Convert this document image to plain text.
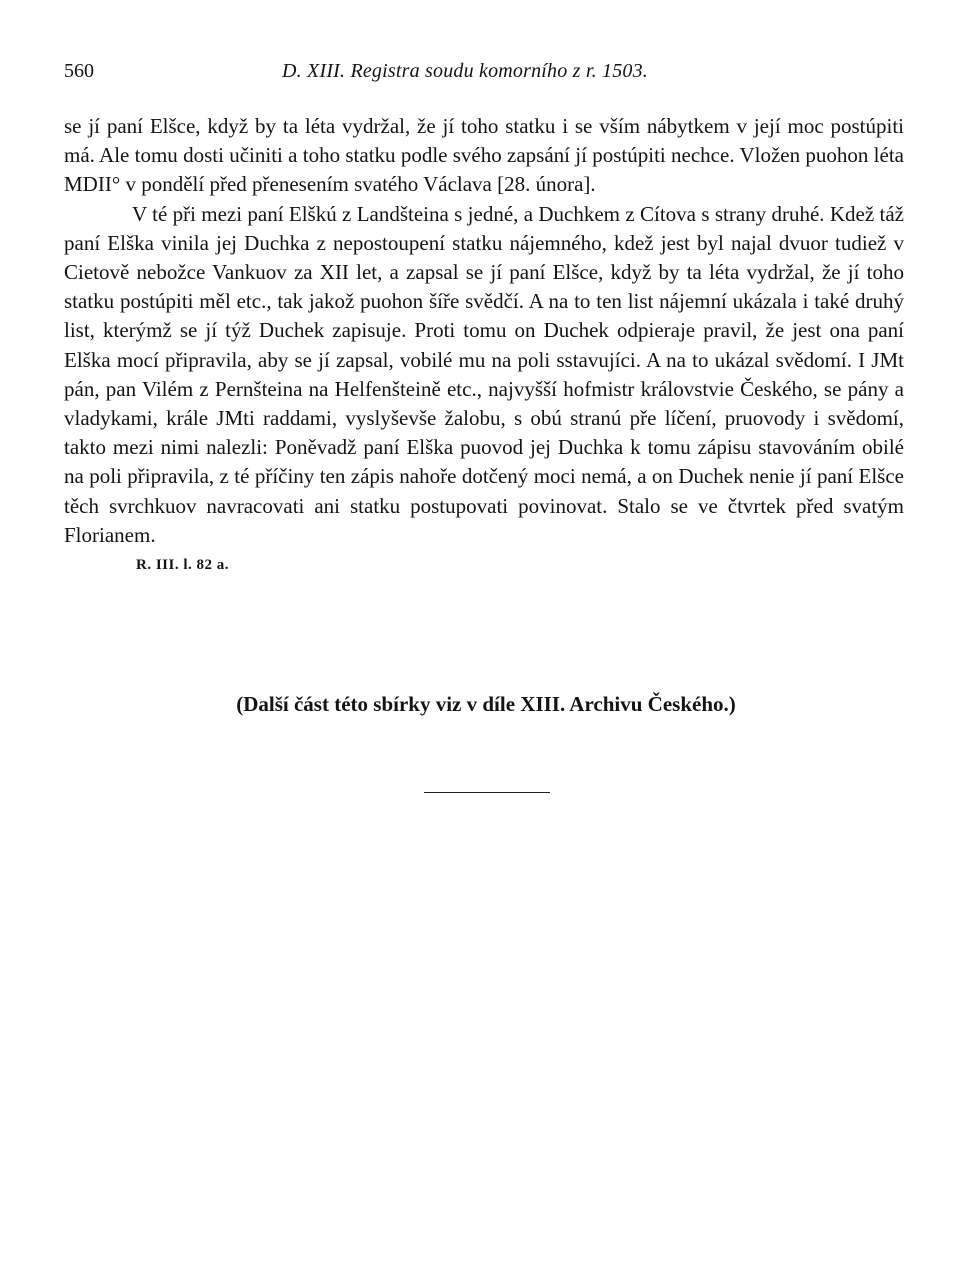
560	D. XIII. Registra soudu komorního z r. 1503.

se jí paní Elšce, když by ta léta vydržal, že jí toho statku i se vším nábytkem v její moc postúpiti má. Ale tomu dosti učiniti a toho statku podle svého zapsání jí postúpiti nechce. Vložen puohon léta MDII° v pondělí před přenesením svatého Václava [28. února].

V té při mezi paní Elškú z Landšteina s jedné, a Duchkem z Cítova s strany druhé. Kdež táž paní Elška vinila jej Duchka z nepostoupení statku nájemného, kdež jest byl najal dvuor tudiež v Cietově nebožce Vankuov za XII let, a zapsal se jí paní Elšce, když by ta léta vydržal, že jí toho statku postúpiti měl etc., tak jakož puohon šíře svědčí. A na to ten list nájemní ukázala i také druhý list, kterýmž se jí týž Duchek zapisuje. Proti tomu on Duchek odpieraje pravil, že jest ona paní Elška mocí připravila, aby se jí zapsal, vobilé mu na poli sstavujíci. A na to ukázal svědomí. I JMt pán, pan Vilém z Pernšteina na Helfenšteině etc., najvyšší hofmistr královstvie Českého, se pány a vladykami, krále JMti raddami, vyslyševše žalobu, s obú stranú pře líčení, pruovody i svědomí, takto mezi nimi nalezli: Poněvadž paní Elška puovod jej Duchka k tomu zápisu stavováním obilé na poli připravila, z té příčiny ten zápis nahoře dotčený moci nemá, a on Duchek nenie jí paní Elšce těch svrchkuov navracovati ani statku postupovati povinovat. Stalo se ve čtvrtek před svatým Florianem.

R. III. l. 82 a.
(Další část této sbírky viz v díle XIII. Archivu Českého.)
